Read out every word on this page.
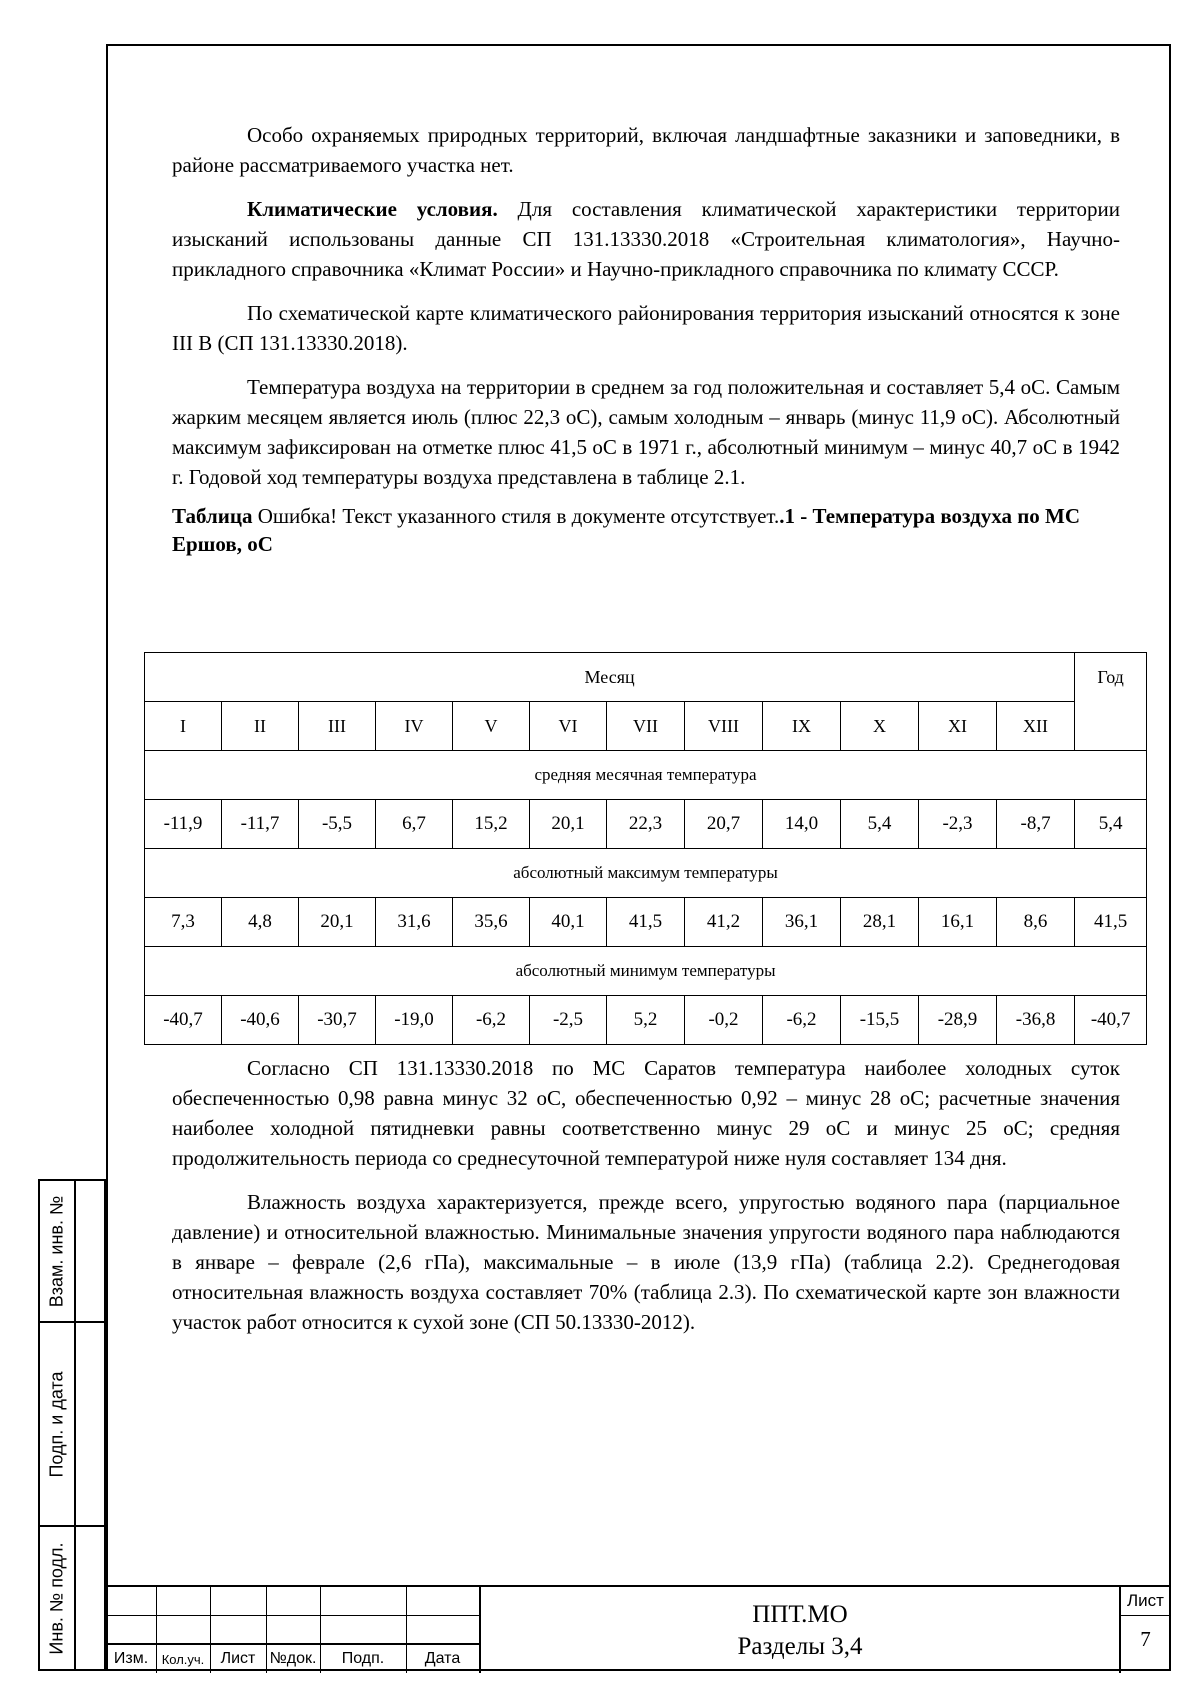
Особо охраняемых природных территорий, включая ландшафтные заказники и заповедники, в районе рассматриваемого участка нет.

Климатические условия. Для составления климатической характеристики территории изысканий использованы данные СП 131.13330.2018 «Строительная климатология», Научно-прикладного справочника «Климат России» и Научно-прикладного справочника по климату СССР.

По схематической карте климатического районирования территория изысканий относятся к зоне III В (СП 131.13330.2018).

Температура воздуха на территории в среднем за год положительная и составляет 5,4 оС. Самым жарким месяцем является июль (плюс 22,3 оС), самым холодным – январь (минус 11,9 оС). Абсолютный максимум зафиксирован на отметке плюс 41,5 оС в 1971 г., абсолютный минимум – минус 40,7 оС в 1942 г. Годовой ход температуры воздуха представлена в таблице 2.1.

Таблица Ошибка! Текст указанного стиля в документе отсутствует..1 - Температура воздуха по МС Ершов, оС
Месяц												Год
I	II	III	IV	V	VI	VII	VIII	IX	X	XI	XII	
средняя месячная температура												
-11,9	-11,7	-5,5	6,7	15,2	20,1	22,3	20,7	14,0	5,4	-2,3	-8,7	5,4
абсолютный максимум температуры												
7,3	4,8	20,1	31,6	35,6	40,1	41,5	41,2	36,1	28,1	16,1	8,6	41,5
абсолютный минимум температуры												
-40,7	-40,6	-30,7	-19,0	-6,2	-2,5	5,2	-0,2	-6,2	-15,5	-28,9	-36,8	-40,7

Согласно СП 131.13330.2018 по МС Саратов температура наиболее холодных суток обеспеченностью 0,98 равна минус 32 оС, обеспеченностью 0,92 – минус 28 оС; расчетные значения наиболее холодной пятидневки равны соответственно минус 29 оС и минус 25 оС; средняя продолжительность периода со среднесуточной температурой ниже нуля составляет 134 дня.

Влажность воздуха характеризуется, прежде всего, упругостью водяного пара (парциальное давление) и относительной влажностью. Минимальные значения упругости водяного пара наблюдаются в январе – феврале (2,6 гПа), максимальные – в июле (13,9 гПа) (таблица 2.2). Среднегодовая относительная влажность воздуха составляет 70% (таблица 2.3). По схематической карте зон влажности участок работ относится к сухой зоне (СП 50.13330-2012).

Взам. инв. №
Подп. и дата
Инв. № подл.
Изм.	Кол.уч.	Лист №док.	Подп.	Дата
ППТ.МО
Разделы 3,4
Лист
7
